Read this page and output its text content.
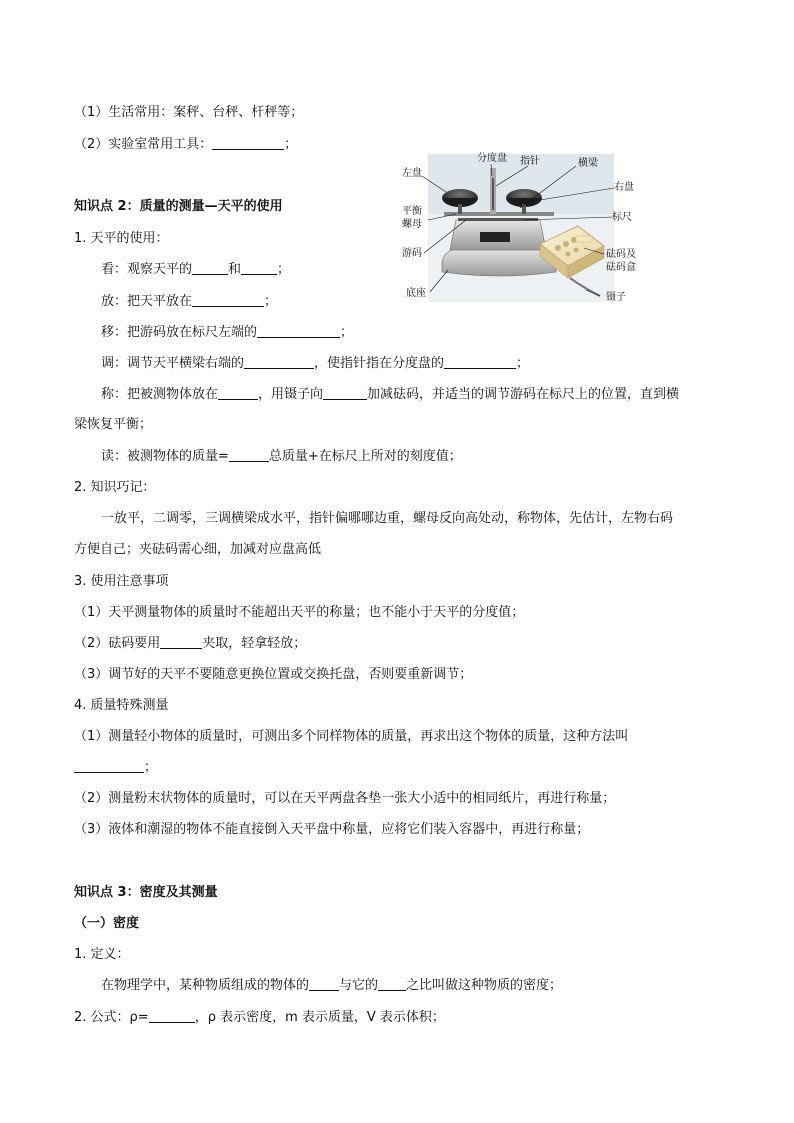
（1）生活常用：案秤、台秤、杆秤等；
（2）实验室常用工具：	；
知识点 2：质量的测量—天平的使用
1. 天平的使用：
看：观察天平的	和	；
放：把天平放在	；
移：把游码放在标尺左端的	；
调：调节天平横梁右端的	，使指针指在分度盘的	；
称：把被测物体放在	，用镊子向	加减砝码，并适当的调节游码在标尺上的位置，直到横
梁恢复平衡；
读：被测物体的质量=	总质量+在标尺上所对的刻度值；
2. 知识巧记：
一放平，二调零，三调横梁成水平，指针偏哪哪边重，螺母反向高处动，称物体，先估计，左物右码
方便自己；夹砝码需心细，加减对应盘高低
3. 使用注意事项
（1）天平测量物体的质量时不能超出天平的称量；也不能小于天平的分度值；
（2）砝码要用	夹取，轻拿轻放；
（3）调节好的天平不要随意更换位置或交换托盘，否则要重新调节；
4. 质量特殊测量
（1）测量轻小物体的质量时，可测出多个同样物体的质量，再求出这个物体的质量，这种方法叫
；
（2）测量粉末状物体的质量时，可以在天平两盘各垫一张大小适中的相同纸片，再进行称量；
（3）液体和潮湿的物体不能直接倒入天平盘中称量，应将它们装入容器中，再进行称量；
知识点 3：密度及其测量
（一）密度
1. 定义：
在物理学中，某种物质组成的物体的 与它的 之比叫做这种物质的密度；
2. 公式：ρ=	，ρ 表示密度，m 表示质量，V 表示体积；
左盘
分度盘 指针	横梁
右盘
平衡
螺母
标尺
游码	砝码及
砝码盒
底座	镊子
